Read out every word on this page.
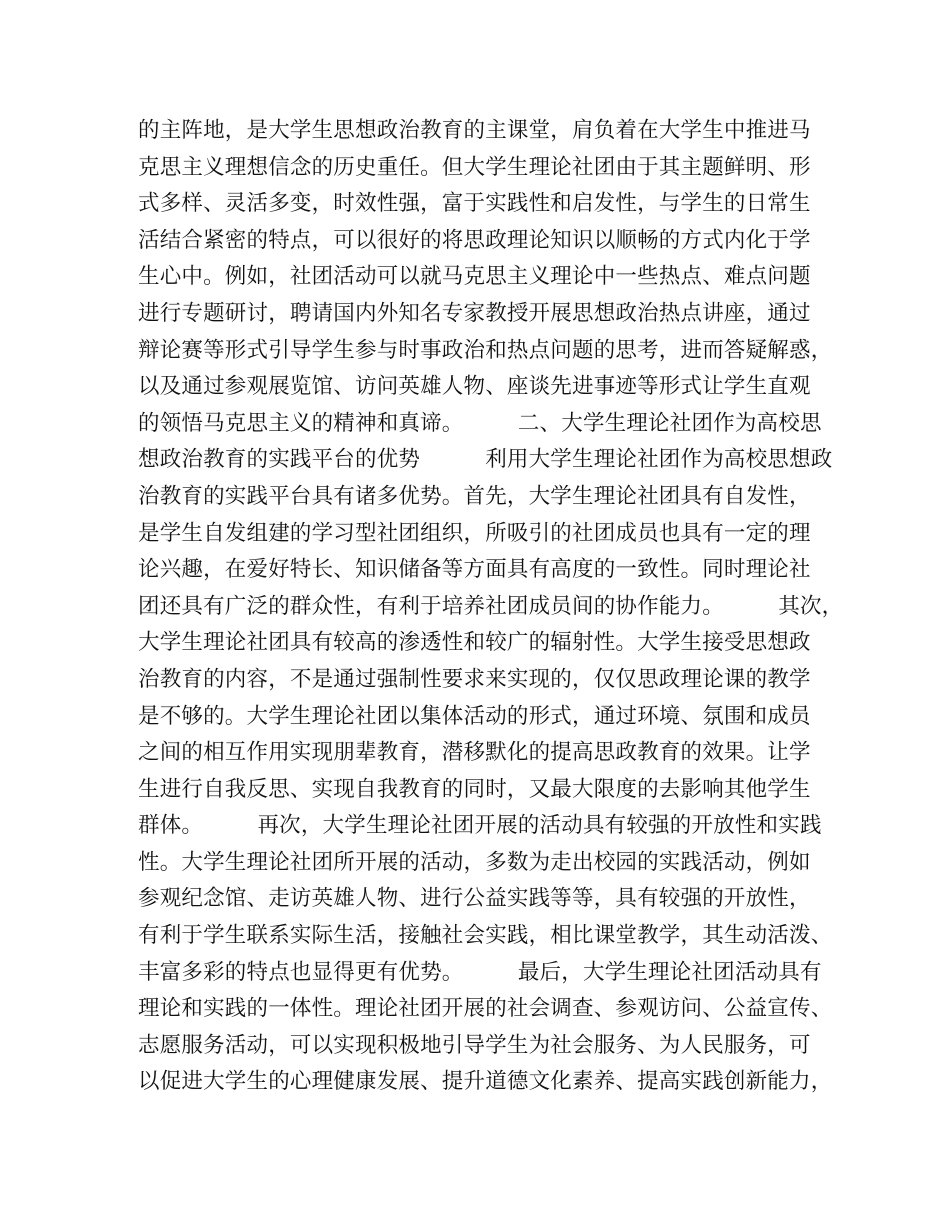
的主阵地，是大学生思想政治教育的主课堂，肩负着在大学生中推进马
克思主义理想信念的历史重任。但大学生理论社团由于其主题鲜明、形
式多样、灵活多变，时效性强，富于实践性和启发性，与学生的日常生
活结合紧密的特点，可以很好的将思政理论知识以顺畅的方式内化于学
生心中。例如，社团活动可以就马克思主义理论中一些热点、难点问题
进行专题研讨，聘请国内外知名专家教授开展思想政治热点讲座，通过
辩论赛等形式引导学生参与时事政治和热点问题的思考，进而答疑解惑，
以及通过参观展览馆、访问英雄人物、座谈先进事迹等形式让学生直观
的领悟马克思主义的精神和真谛。　　　二、大学生理论社团作为高校思
想政治教育的实践平台的优势　　　利用大学生理论社团作为高校思想政
治教育的实践平台具有诸多优势。首先，大学生理论社团具有自发性，
是学生自发组建的学习型社团组织，所吸引的社团成员也具有一定的理
论兴趣，在爱好特长、知识储备等方面具有高度的一致性。同时理论社
团还具有广泛的群众性，有利于培养社团成员间的协作能力。　　　其次，
大学生理论社团具有较高的渗透性和较广的辐射性。大学生接受思想政
治教育的内容，不是通过强制性要求来实现的，仅仅思政理论课的教学
是不够的。大学生理论社团以集体活动的形式，通过环境、氛围和成员
之间的相互作用实现朋辈教育，潜移默化的提高思政教育的效果。让学
生进行自我反思、实现自我教育的同时，又最大限度的去影响其他学生
群体。　　　再次，大学生理论社团开展的活动具有较强的开放性和实践
性。大学生理论社团所开展的活动，多数为走出校园的实践活动，例如
参观纪念馆、走访英雄人物、进行公益实践等等，具有较强的开放性，
有利于学生联系实际生活，接触社会实践，相比课堂教学，其生动活泼、
丰富多彩的特点也显得更有优势。　　　最后，大学生理论社团活动具有
理论和实践的一体性。理论社团开展的社会调查、参观访问、公益宣传、
志愿服务活动，可以实现积极地引导学生为社会服务、为人民服务，可
以促进大学生的心理健康发展、提升道德文化素养、提高实践创新能力，
